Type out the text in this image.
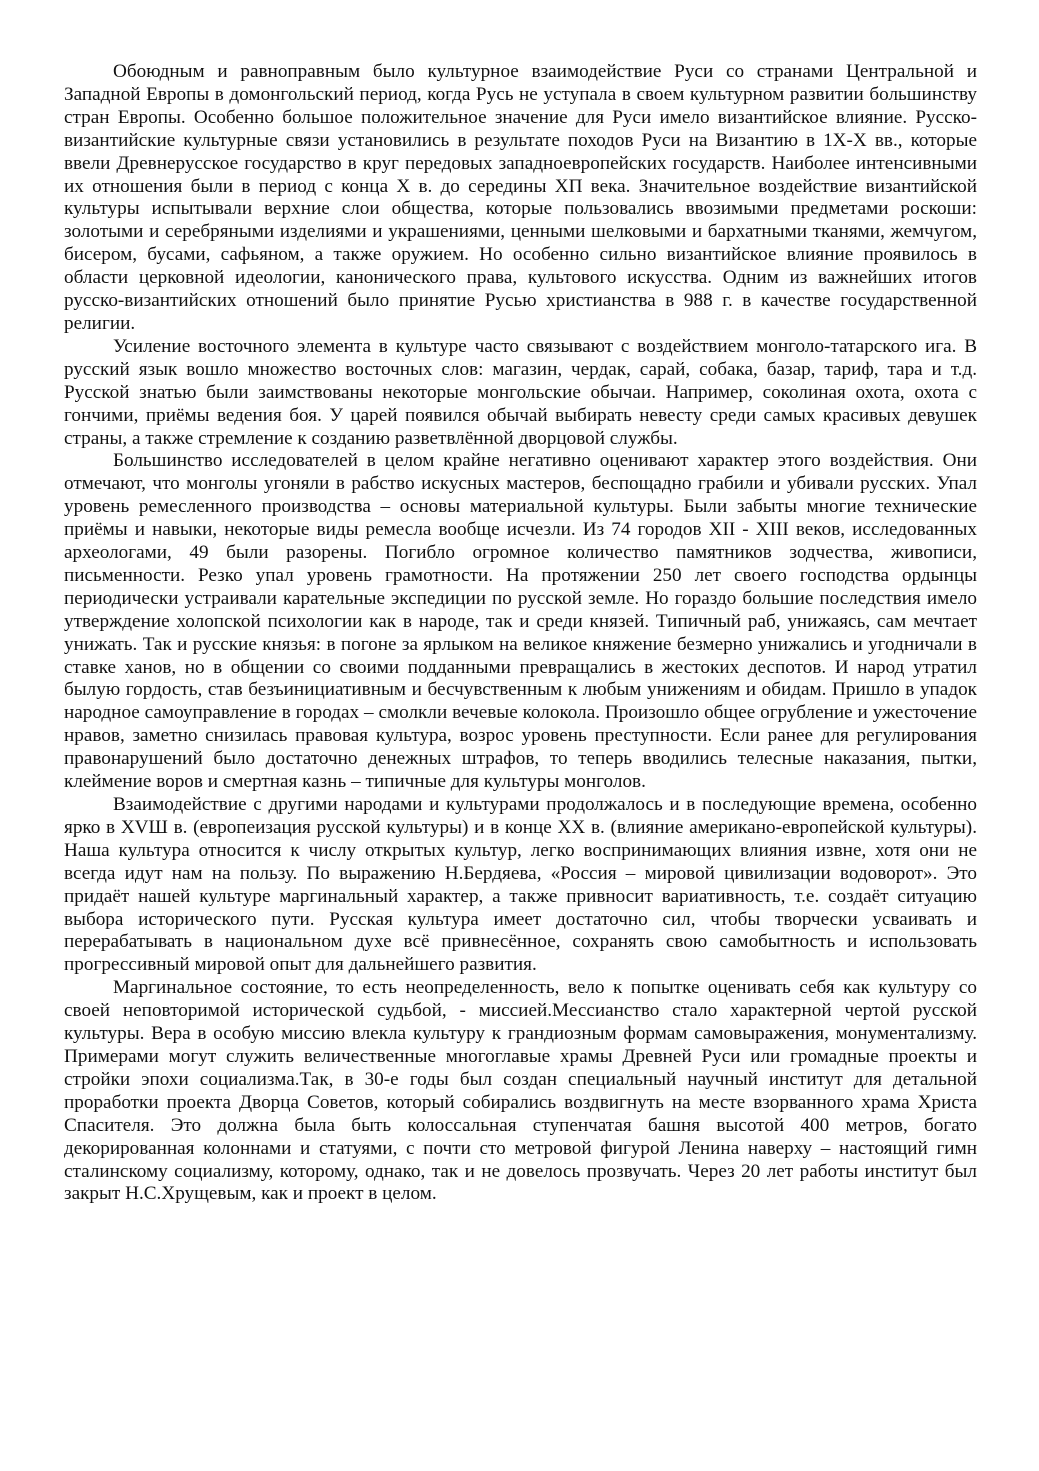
Обоюдным и равноправным было культурное взаимодействие Руси со странами Центральной и Западной Европы в домонгольский период, когда Русь не уступала в своем культурном развитии большинству стран Европы. Особенно большое положительное значение для Руси имело византийское влияние. Русско-византийские культурные связи установились в результате походов Руси на Византию в 1Х-Х вв., которые ввели Древнерусское государство в круг передовых западноевропейских государств. Наиболее интенсивными их отношения были в период с конца Х в. до середины ХП века. Значительное воздействие византийской культуры испытывали верхние слои общества, которые пользовались ввозимыми предметами роскоши: золотыми и серебряными изделиями и украшениями, ценными шелковыми и бархатными тканями, жемчугом, бисером, бусами, сафьяном, а также оружием. Но особенно сильно византийское влияние проявилось в области церковной идеологии, канонического права, культового искусства. Одним из важнейших итогов русско-византийских отношений было принятие Русью христианства в 988 г. в качестве государственной религии.

Усиление восточного элемента в культуре часто связывают с воздействием монголо-татарского ига. В русский язык вошло множество восточных слов: магазин, чердак, сарай, собака, базар, тариф, тара и т.д. Русской знатью были заимствованы некоторые монгольские обычаи. Например, соколиная охота, охота с гончими, приёмы ведения боя. У царей появился обычай выбирать невесту среди самых красивых девушек страны, а также стремление к созданию разветвлённой дворцовой службы.

Большинство исследователей в целом крайне негативно оценивают характер этого воздействия. Они отмечают, что монголы угоняли в рабство искусных мастеров, беспощадно грабили и убивали русских. Упал уровень ремесленного производства – основы материальной культуры. Были забыты многие технические приёмы и навыки, некоторые виды ремесла вообще исчезли. Из 74 городов XII - XIII веков, исследованных археологами, 49 были разорены. Погибло огромное количество памятников зодчества, живописи, письменности. Резко упал уровень грамотности. На протяжении 250 лет своего господства ордынцы периодически устраивали карательные экспедиции по русской земле. Но гораздо большие последствия имело утверждение холопской психологии как в народе, так и среди князей. Типичный раб, унижаясь, сам мечтает унижать. Так и русские князья: в погоне за ярлыком на великое княжение безмерно унижались и угодничали в ставке ханов, но в общении со своими подданными превращались в жестоких деспотов. И народ утратил былую гордость, став безъинициативным и бесчувственным к любым унижениям и обидам. Пришло в упадок народное самоуправление в городах – смолкли вечевые колокола. Произошло общее огрубление и ужесточение нравов, заметно снизилась правовая культура, возрос уровень преступности. Если ранее для регулирования правонарушений было достаточно денежных штрафов, то теперь вводились телесные наказания, пытки, клеймение воров и смертная казнь – типичные для культуры монголов.

Взаимодействие с другими народами и культурами продолжалось и в последующие времена, особенно ярко в XVШ в. (европеизация русской культуры) и в конце ХХ в. (влияние американо-европейской культуры). Наша культура относится к числу открытых культур, легко воспринимающих влияния извне, хотя они не всегда идут нам на пользу. По выражению Н.Бердяева, «Россия – мировой цивилизации водоворот». Это придаёт нашей культуре маргинальный характер, а также привносит вариативность, т.е. создаёт ситуацию выбора исторического пути. Русская культура имеет достаточно сил, чтобы творчески усваивать и перерабатывать в национальном духе всё привнесённое, сохранять свою самобытность и использовать прогрессивный мировой опыт для дальнейшего развития.

Маргинальное состояние, то есть неопределенность, вело к попытке оценивать себя как культуру со своей неповторимой исторической судьбой, - миссией.Мессианство стало характерной чертой русской культуры. Вера в особую миссию влекла культуру к грандиозным формам самовыражения, монументализму. Примерами могут служить величественные многоглавые храмы Древней Руси или громадные проекты и стройки эпохи социализма.Так, в 30-е годы был создан специальный научный институт для детальной проработки проекта Дворца Советов, который собирались воздвигнуть на месте взорванного храма Христа Спасителя. Это должна была быть колоссальная ступенчатая башня высотой 400 метров, богато декорированная колоннами и статуями, с почти сто метровой фигурой Ленина наверху – настоящий гимн сталинскому социализму, которому, однако, так и не довелось прозвучать. Через 20 лет работы институт был закрыт Н.С.Хрущевым, как и проект в целом.
